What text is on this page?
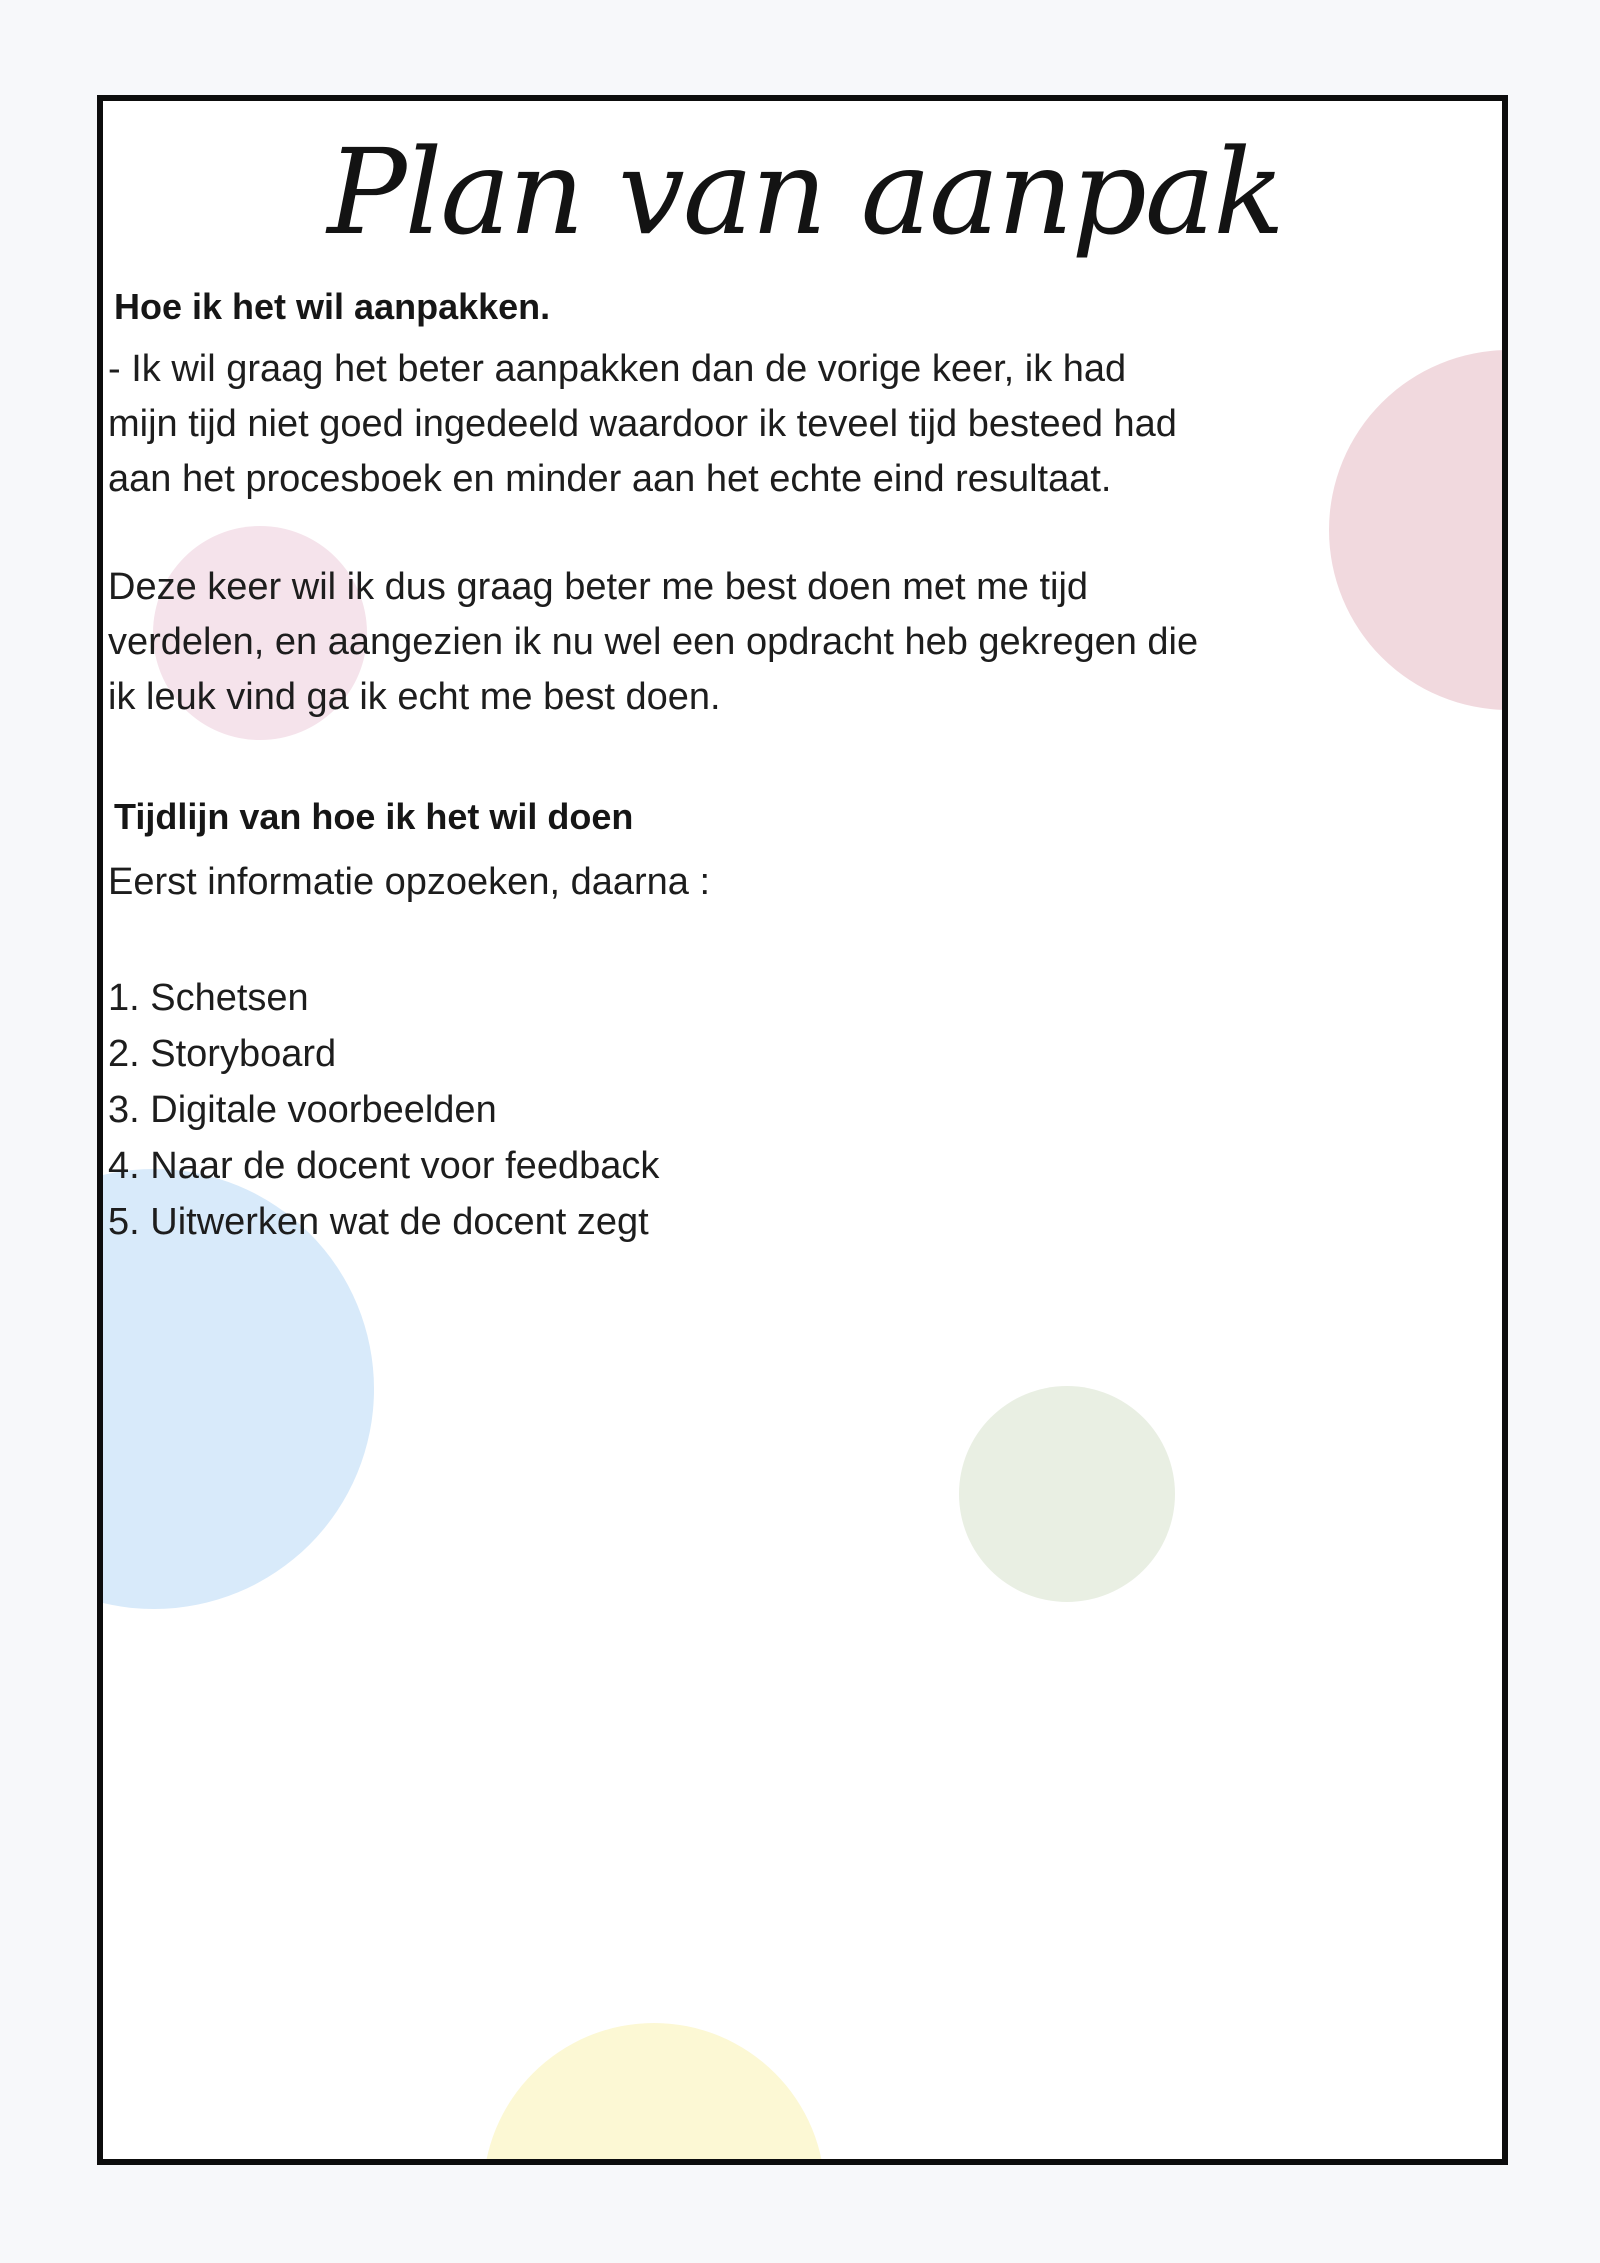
Plan van aanpak
Hoe ik het wil aanpakken.
- Ik wil graag het beter aanpakken dan de vorige keer, ik had
mijn tijd niet goed ingedeeld waardoor ik teveel tijd besteed had
aan het procesboek en minder aan het echte eind resultaat.
Deze keer wil ik dus graag beter me best doen met me tijd
verdelen, en aangezien ik nu wel een opdracht heb gekregen die
ik leuk vind ga ik echt me best doen.
Tijdlijn van hoe ik het wil doen
Eerst informatie opzoeken, daarna :
1. Schetsen
2. Storyboard
3. Digitale voorbeelden
4. Naar de docent voor feedback
5. Uitwerken wat de docent zegt
